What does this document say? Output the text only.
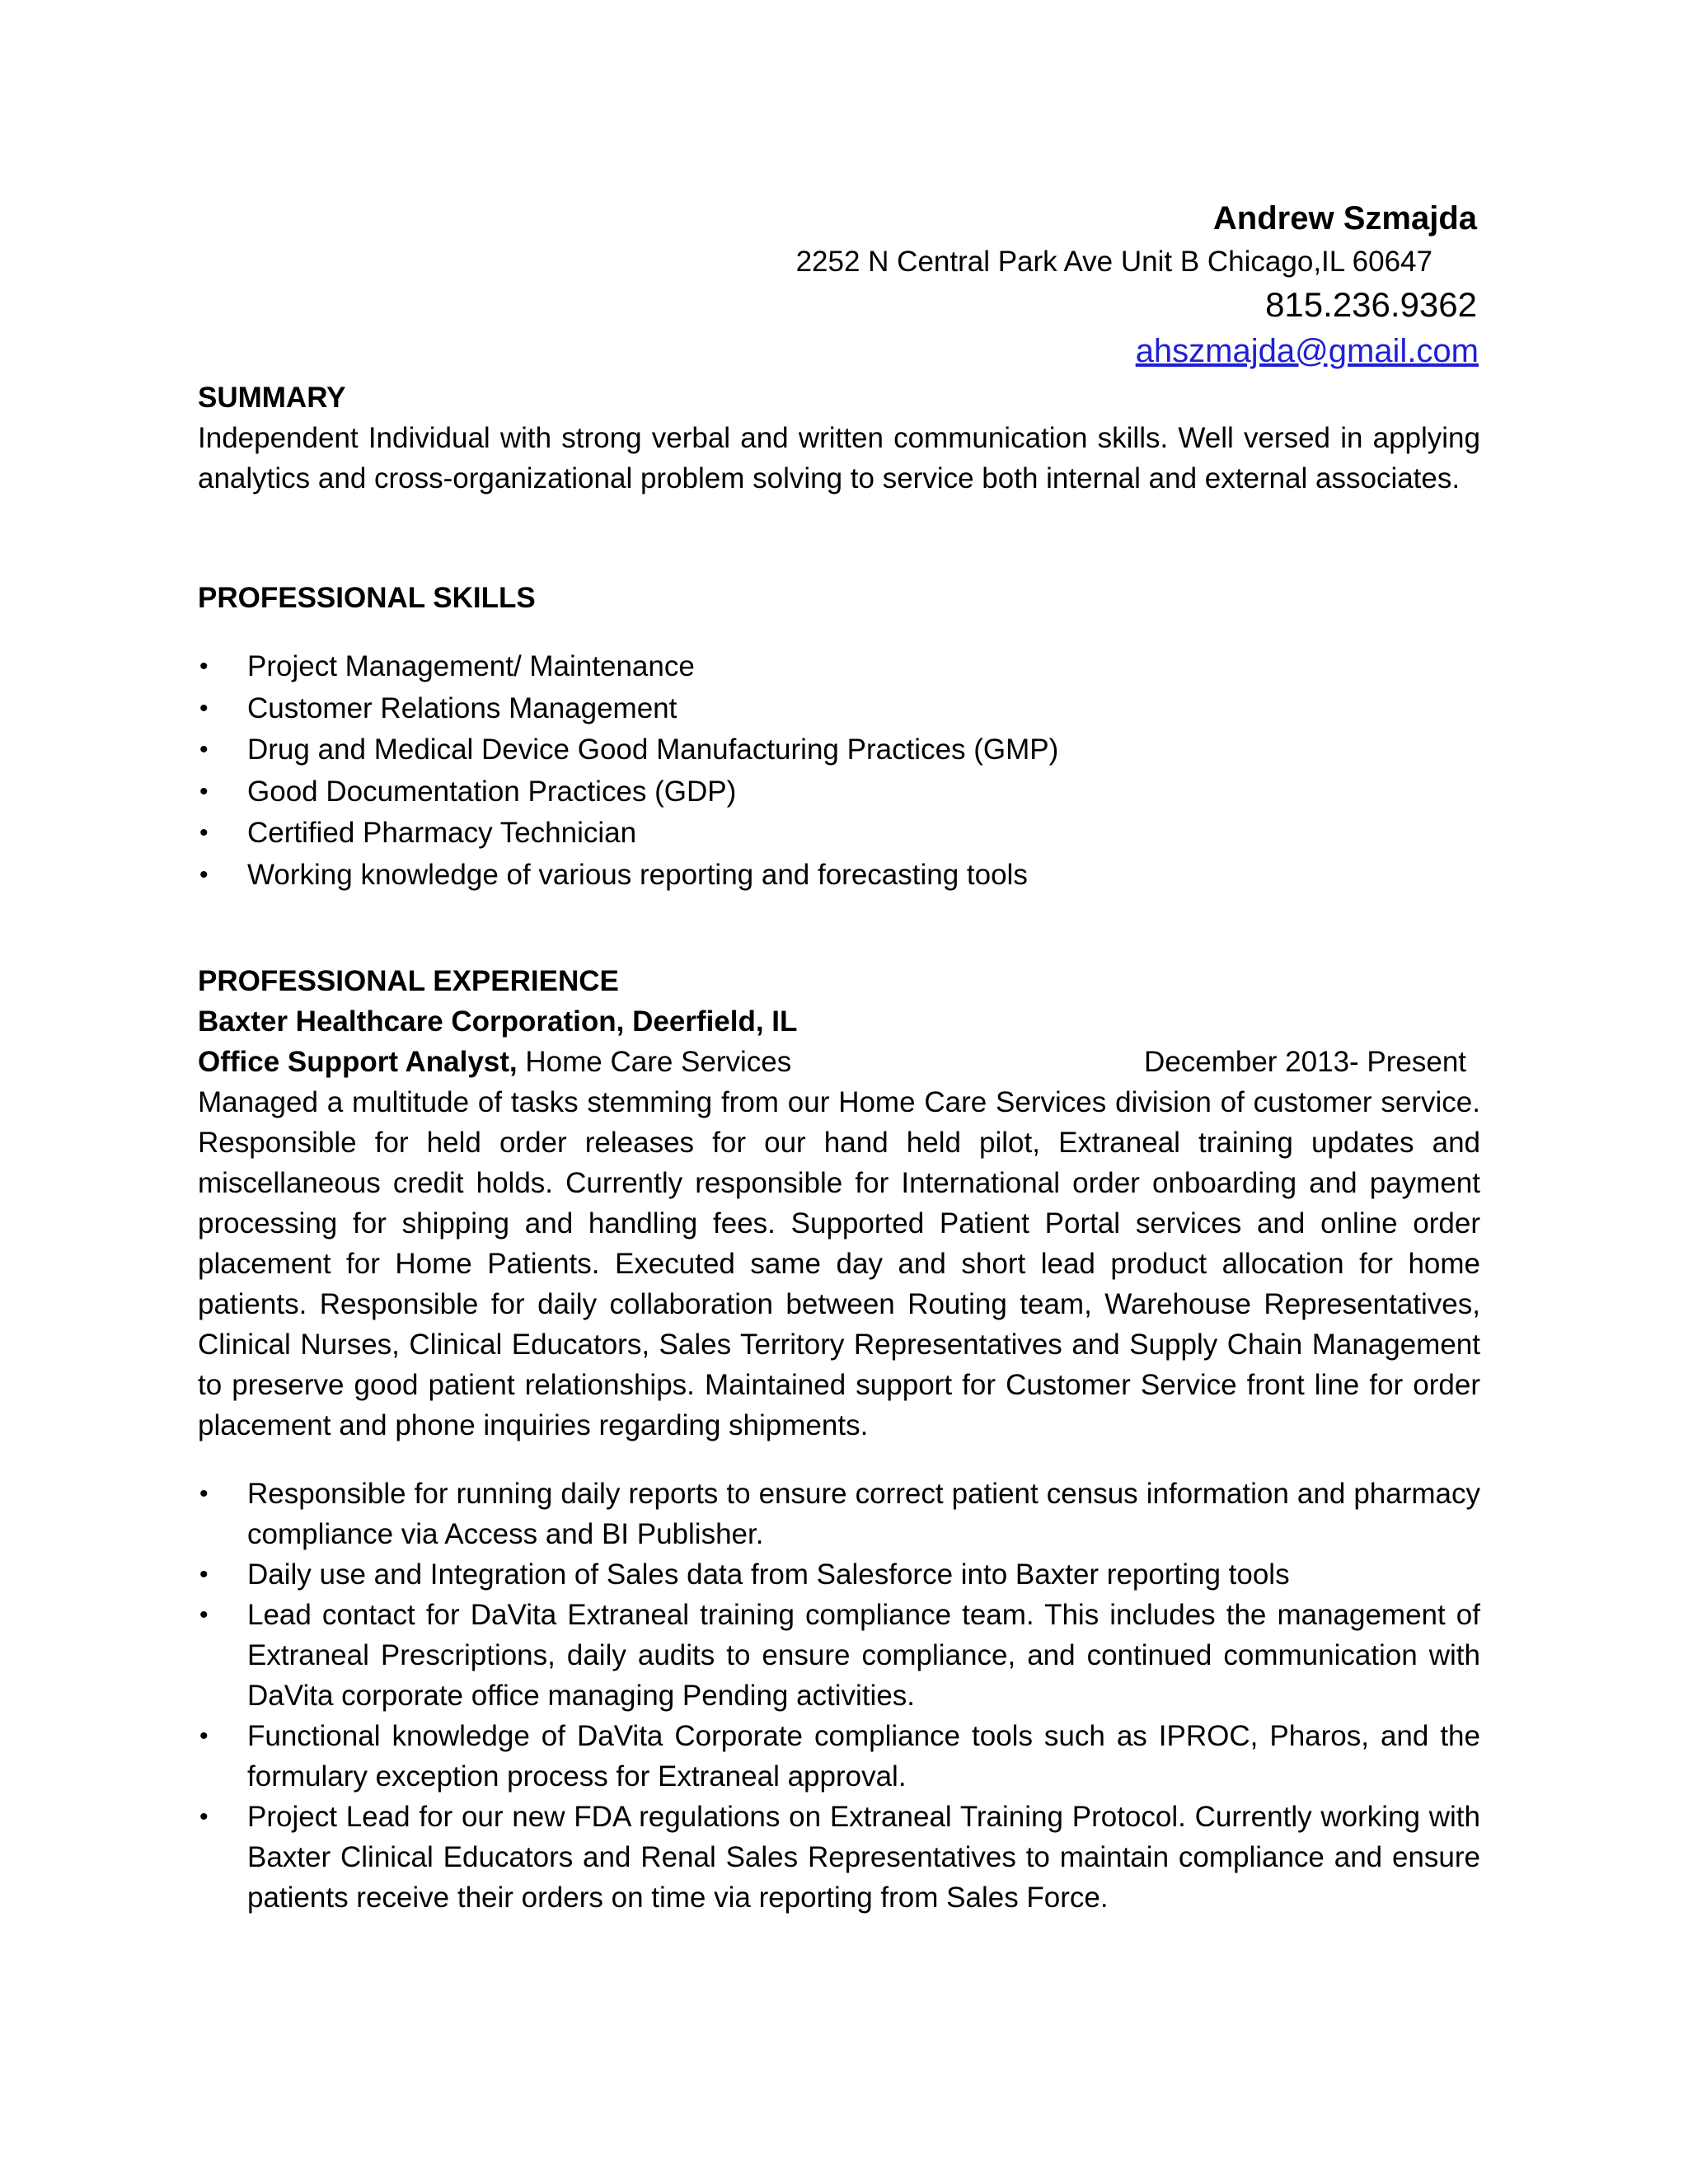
Andrew Szmajda
2252 N Central Park Ave Unit B Chicago,IL 60647
815.236.9362
ahszmajda@gmail.com
SUMMARY

Independent Individual with strong verbal and written communication skills. Well versed in applying analytics and cross-organizational problem solving to service both internal and external associates.

PROFESSIONAL SKILLS
• Project Management/ Maintenance
• Customer Relations Management
• Drug and Medical Device Good Manufacturing Practices (GMP)
• Good Documentation Practices (GDP)
• Certified Pharmacy Technician
• Working knowledge of various reporting and forecasting tools
PROFESSIONAL EXPERIENCE
Baxter Healthcare Corporation, Deerfield, IL
Office Support Analyst, Home Care Services	December 2013- Present

Managed a multitude of tasks stemming from our Home Care Services division of customer service. Responsible for held order releases for our hand held pilot, Extraneal training updates and miscellaneous credit holds. Currently responsible for International order onboarding and payment processing for shipping and handling fees. Supported Patient Portal services and online order placement for Home Patients. Executed same day and short lead product allocation for home patients. Responsible for daily collaboration between Routing team, Warehouse Representatives, Clinical Nurses, Clinical Educators, Sales Territory Representatives and Supply Chain Management to preserve good patient relationships. Maintained support for Customer Service front line for order placement and phone inquiries regarding shipments.

• Responsible for running daily reports to ensure correct patient census information and pharmacy compliance via Access and BI Publisher.
• Daily use and Integration of Sales data from Salesforce into Baxter reporting tools
• Lead contact for DaVita Extraneal training compliance team. This includes the management of Extraneal Prescriptions, daily audits to ensure compliance, and continued communication with DaVita corporate office managing Pending activities.
• Functional knowledge of DaVita Corporate compliance tools such as IPROC, Pharos, and the formulary exception process for Extraneal approval.
• Project Lead for our new FDA regulations on Extraneal Training Protocol. Currently working with Baxter Clinical Educators and Renal Sales Representatives to maintain compliance and ensure patients receive their orders on time via reporting from Sales Force.
